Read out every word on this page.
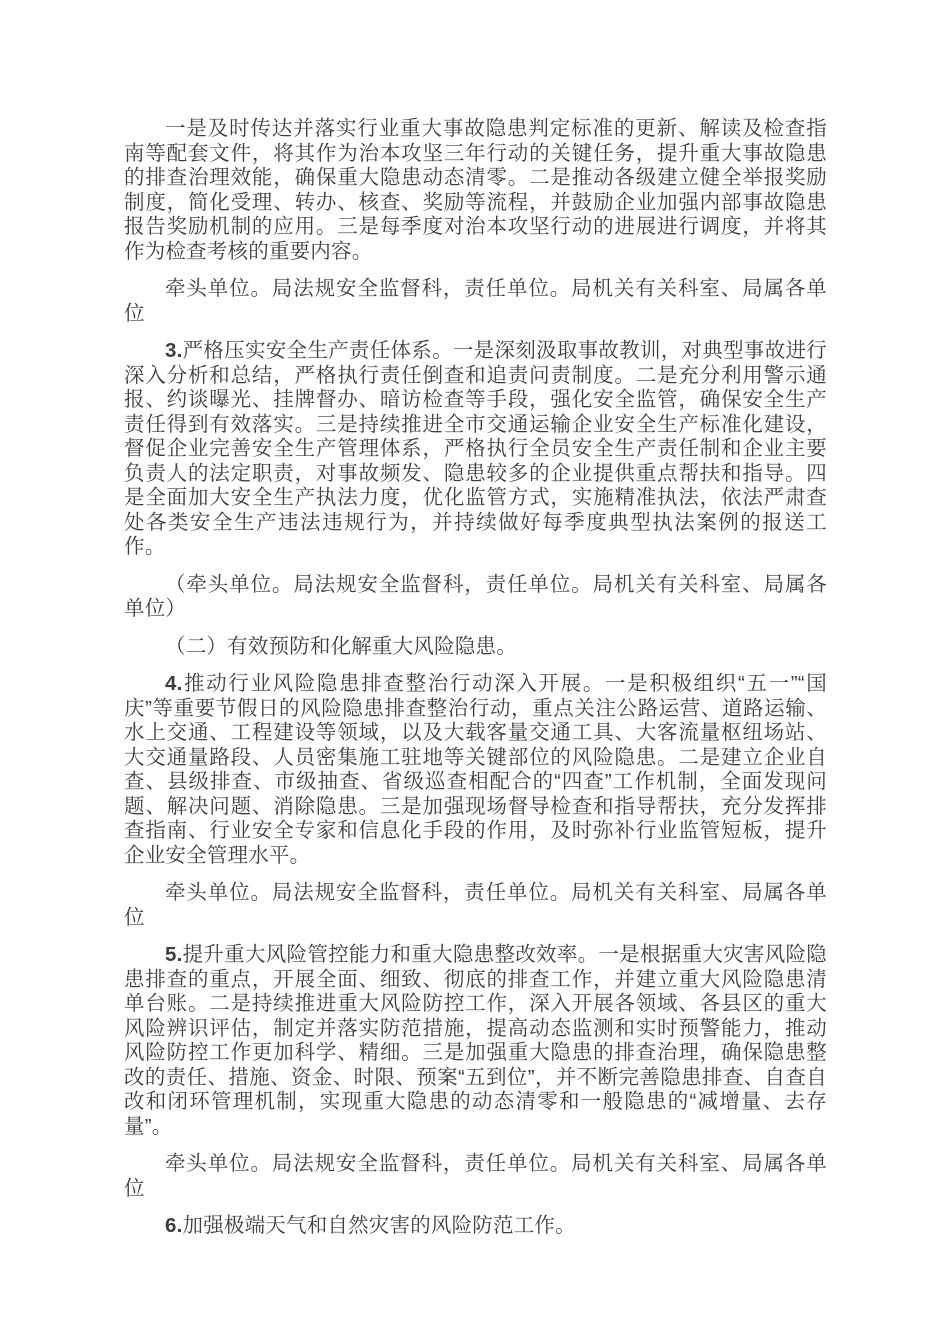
一是及时传达并落实行业重大事故隐患判定标准的更新、解读及检查指南等配套文件，将其作为治本攻坚三年行动的关键任务，提升重大事故隐患的排查治理效能，确保重大隐患动态清零。二是推动各级建立健全举报奖励制度，简化受理、转办、核查、奖励等流程，并鼓励企业加强内部事故隐患报告奖励机制的应用。三是每季度对治本攻坚行动的进展进行调度，并将其作为检查考核的重要内容。

牵头单位。局法规安全监督科，责任单位。局机关有关科室、局属各单位

3.严格压实安全生产责任体系。一是深刻汲取事故教训，对典型事故进行深入分析和总结，严格执行责任倒查和追责问责制度。二是充分利用警示通报、约谈曝光、挂牌督办、暗访检查等手段，强化安全监管，确保安全生产责任得到有效落实。三是持续推进全市交通运输企业安全生产标准化建设，督促企业完善安全生产管理体系，严格执行全员安全生产责任制和企业主要负责人的法定职责，对事故频发、隐患较多的企业提供重点帮扶和指导。四是全面加大安全生产执法力度，优化监管方式，实施精准执法，依法严肃查处各类安全生产违法违规行为，并持续做好每季度典型执法案例的报送工作。

（牵头单位。局法规安全监督科，责任单位。局机关有关科室、局属各单位）

（二）有效预防和化解重大风险隐患。

4.推动行业风险隐患排查整治行动深入开展。一是积极组织“五一”“国庆”等重要节假日的风险隐患排查整治行动，重点关注公路运营、道路运输、水上交通、工程建设等领域，以及大载客量交通工具、大客流量枢纽场站、大交通量路段、人员密集施工驻地等关键部位的风险隐患。二是建立企业自查、县级排查、市级抽查、省级巡查相配合的“四查”工作机制，全面发现问题、解决问题、消除隐患。三是加强现场督导检查和指导帮扶，充分发挥排查指南、行业安全专家和信息化手段的作用，及时弥补行业监管短板，提升企业安全管理水平。

牵头单位。局法规安全监督科，责任单位。局机关有关科室、局属各单位

5.提升重大风险管控能力和重大隐患整改效率。一是根据重大灾害风险隐患排查的重点，开展全面、细致、彻底的排查工作，并建立重大风险隐患清单台账。二是持续推进重大风险防控工作，深入开展各领域、各县区的重大风险辨识评估，制定并落实防范措施，提高动态监测和实时预警能力，推动风险防控工作更加科学、精细。三是加强重大隐患的排查治理，确保隐患整改的责任、措施、资金、时限、预案“五到位”，并不断完善隐患排查、自查自改和闭环管理机制，实现重大隐患的动态清零和一般隐患的“减增量、去存量”。

牵头单位。局法规安全监督科，责任单位。局机关有关科室、局属各单位

6.加强极端天气和自然灾害的风险防范工作。
